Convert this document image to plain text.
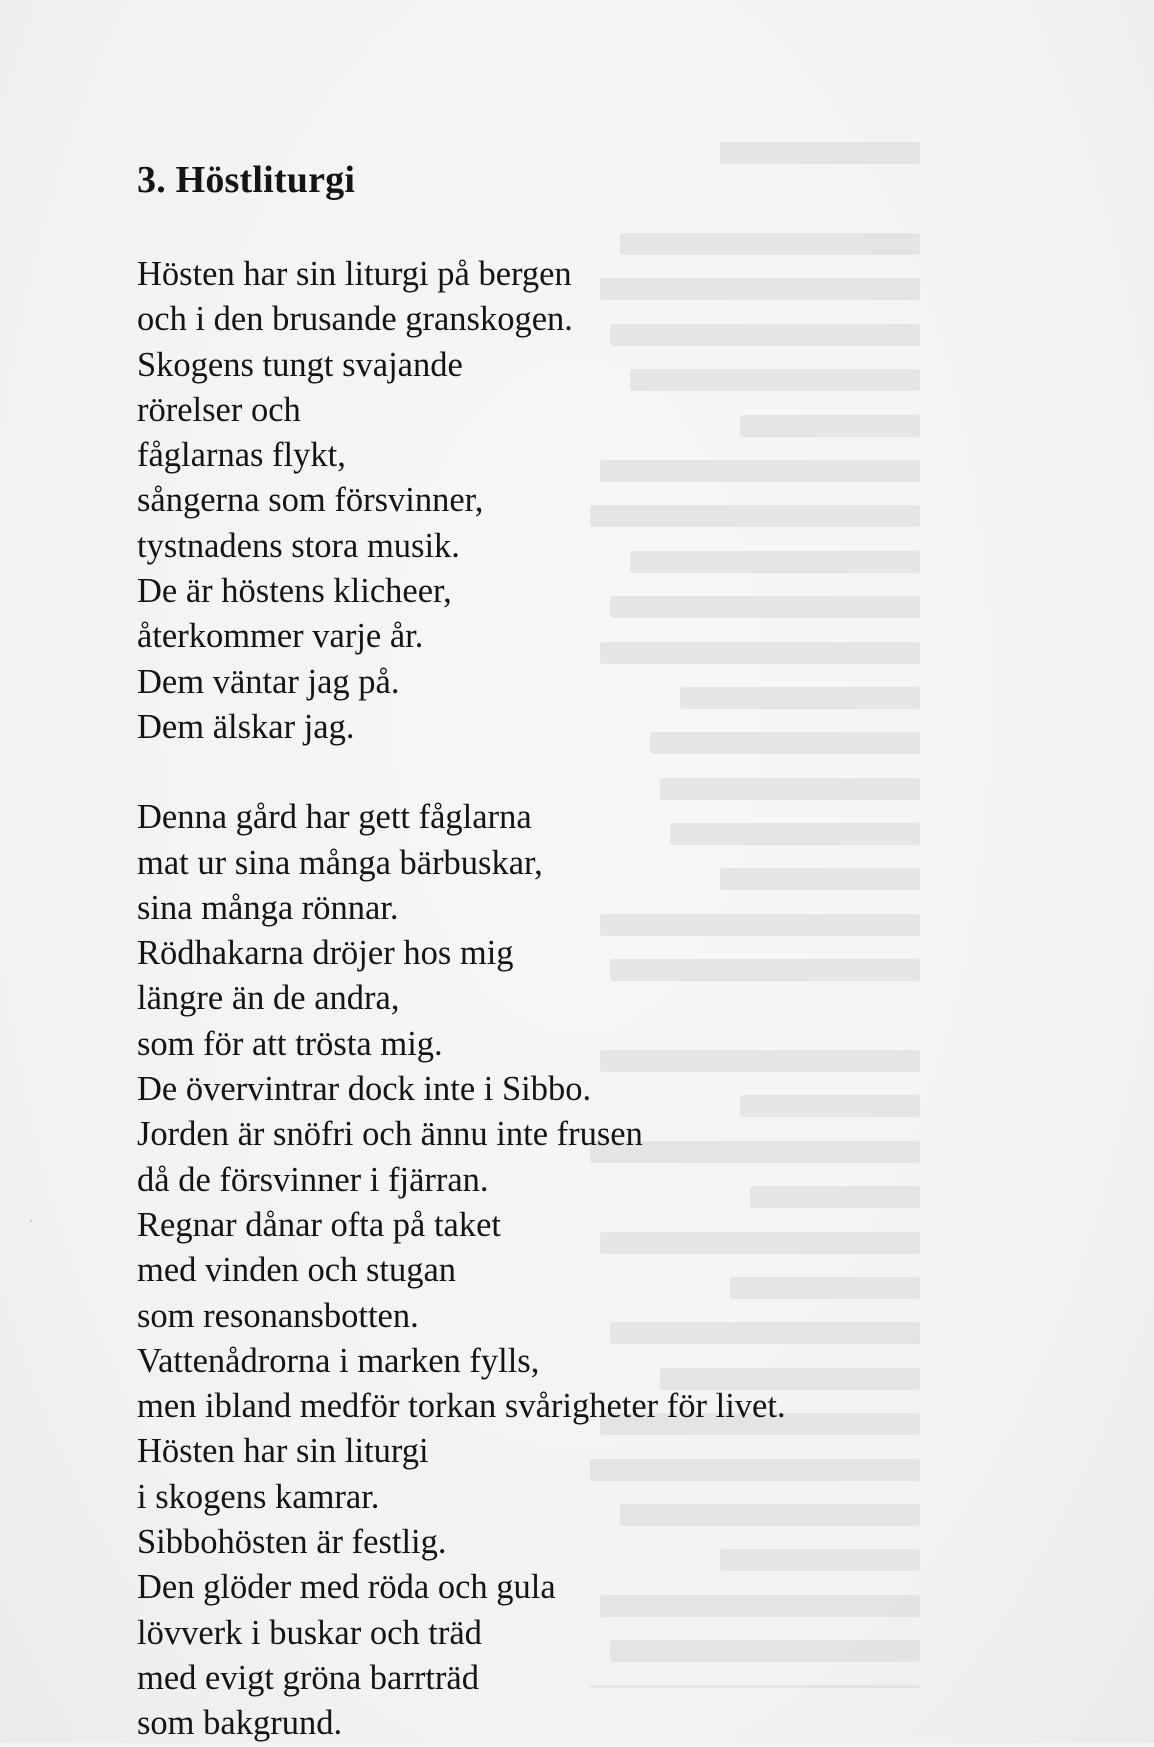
3. Höstliturgi

Hösten har sin liturgi på bergen

och i den brusande granskogen.

Skogens tungt svajande

rörelser och

fåglarnas flykt,

sångerna som försvinner,

tystnadens stora musik.

De är höstens klicheer,

återkommer varje år.

Dem väntar jag på.

Dem älskar jag.

Denna gård har gett fåglarna

mat ur sina många bärbuskar,

sina många rönnar.

Rödhakarna dröjer hos mig

längre än de andra,

som för att trösta mig.

De övervintrar dock inte i Sibbo.

Jorden är snöfri och ännu inte frusen

då de försvinner i fjärran.

Regnar dånar ofta på taket

med vinden och stugan

som resonansbotten.

Vattenådrorna i marken fylls,

men ibland medför torkan svårigheter för livet.

Hösten har sin liturgi

i skogens kamrar.

Sibbohösten är festlig.

Den glöder med röda och gula

lövverk i buskar och träd

med evigt gröna barrträd

som bakgrund.
